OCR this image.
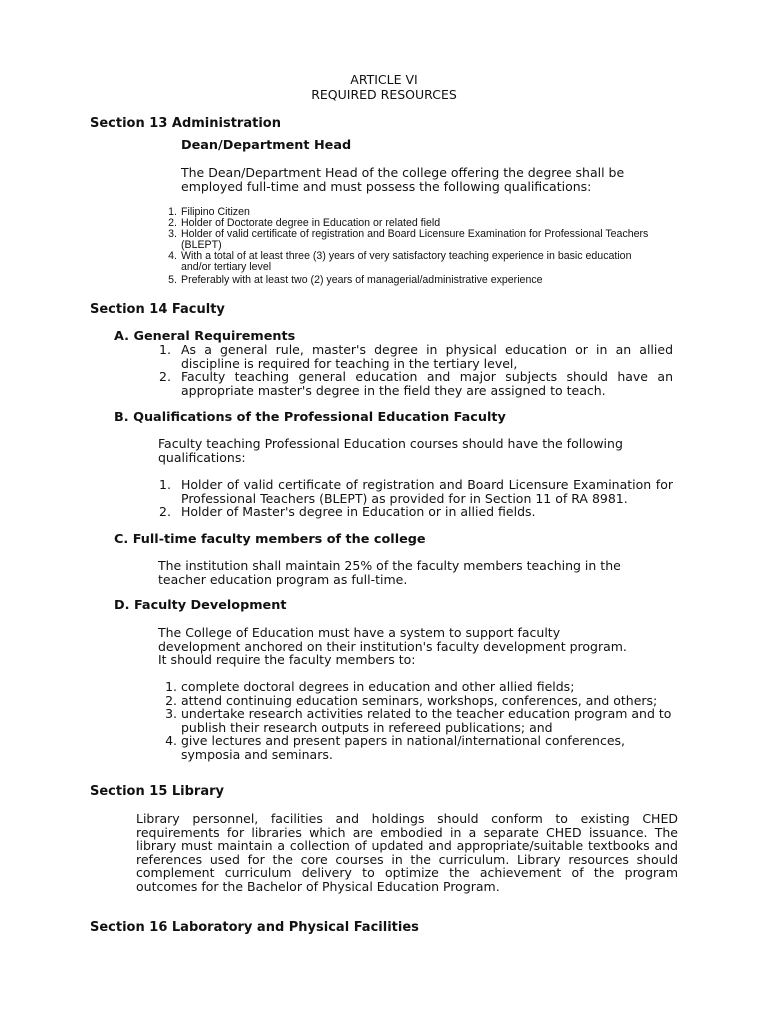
ARTICLE VI
REQUIRED RESOURCES
Section 13 Administration
Dean/Department Head
The Dean/Department Head of the college offering the degree shall be employed full-time and must possess the following qualifications:
1. Filipino Citizen
2. Holder of Doctorate degree in Education or related field
3. Holder of valid certificate of registration and Board Licensure Examination for Professional Teachers (BLEPT)
4. With a total of at least three (3) years of very satisfactory teaching experience in basic education and/or tertiary level
5. Preferably with at least two (2) years of managerial/administrative experience
Section 14 Faculty
A. General Requirements
1. As a general rule, master's degree in physical education or in an allied discipline is required for teaching in the tertiary level,
2. Faculty teaching general education and major subjects should have an appropriate master's degree in the field they are assigned to teach.
B. Qualifications of the Professional Education Faculty
Faculty teaching Professional Education courses should have the following qualifications:
1. Holder of valid certificate of registration and Board Licensure Examination for Professional Teachers (BLEPT) as provided for in Section 11 of RA 8981.
2. Holder of Master's degree in Education or in allied fields.
C. Full-time faculty members of the college
The institution shall maintain 25% of the faculty members teaching in the teacher education program as full-time.
D. Faculty Development
The College of Education must have a system to support faculty development anchored on their institution's faculty development program. It should require the faculty members to:
1. complete doctoral degrees in education and other allied fields;
2. attend continuing education seminars, workshops, conferences, and others;
3. undertake research activities related to the teacher education program and to publish their research outputs in refereed publications; and
4. give lectures and present papers in national/international conferences, symposia and seminars.
Section 15 Library
Library personnel, facilities and holdings should conform to existing CHED requirements for libraries which are embodied in a separate CHED issuance. The library must maintain a collection of updated and appropriate/suitable textbooks and references used for the core courses in the curriculum. Library resources should complement curriculum delivery to optimize the achievement of the program outcomes for the Bachelor of Physical Education Program.
Section 16 Laboratory and Physical Facilities
